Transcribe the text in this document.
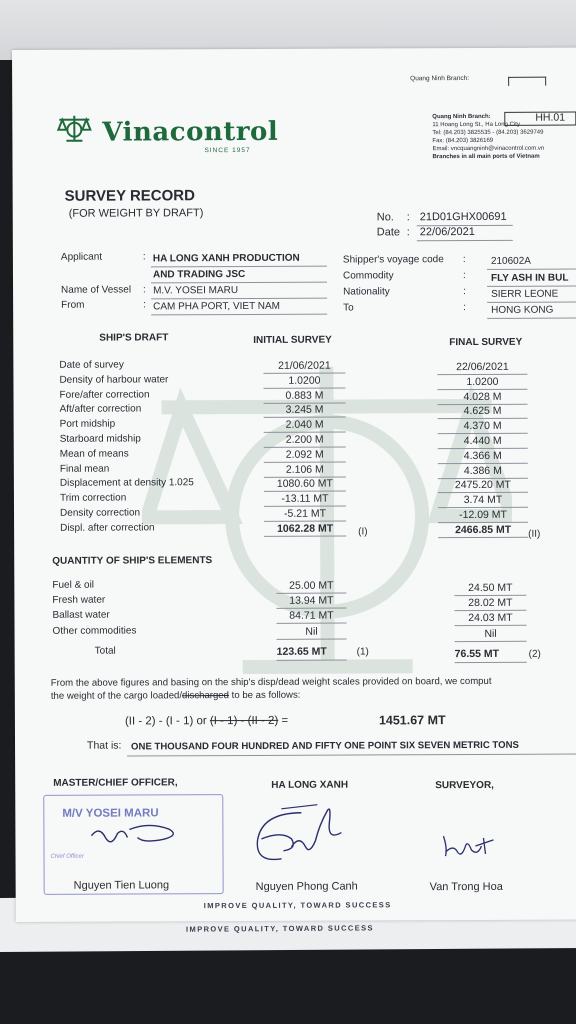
IMPROVE QUALITY, TOWARD SUCCESS
Quang Ninh Branch:
Vinacontrol
SINCE 1957
Quang Ninh Branch:	HH.01
11 Hoang Long St., Ha Long City
Tel: (84.203) 3825535 - (84.203) 3629749
Fax: (84.203) 3826169
Email: vncquangninh@vinacontrol.com.vn
Branches in all main ports of Vietnam
SURVEY RECORD
(FOR WEIGHT BY DRAFT)	No. : 21D01GHX00691
Date : 22/06/2021
Applicant	: HA LONG XANH PRODUCTION
AND TRADING JSC
Name of Vessel : M.V. YOSEI MARU
From	: CAM PHA PORT, VIET NAM
Shipper's voyage code :	210602A
Commodity	:	FLY ASH IN BUL
Nationality	:	SIERR LEONE
To	:	HONG KONG
SHIP'S DRAFT	INITIAL SURVEY	FINAL SURVEY
Date of survey	21/06/2021	22/06/2021
Density of harbour water	1.0200	1.0200
Fore/after correction	0.883 M	4.028 M
Aft/after correction	3.245 M	4.625 M
Port midship	2.040 M	4.370 M
Starboard midship	2.200 M	4.440 M
Mean of means	2.092 M	4.366 M
Final mean	2.106 M	4.386 M
Displacement at density 1.025	1080.60 MT	2475.20 MT
Trim correction	-13.11 MT	3.74 MT
Density correction	-5.21 MT	-12.09 MT
Displ. after correction	1062.28 MT	2466.85 MT
(I)	(II)
QUANTITY OF SHIP'S ELEMENTS
Fuel & oil	25.00 MT	24.50 MT
Fresh water	13.94 MT	28.02 MT
Ballast water	84.71 MT	24.03 MT
Other commodities	Nil	Nil
Total	123.65 MT	(1)	76.55 MT	(2)
From the above figures and basing on the ship's disp/dead weight scales provided on board, we comput
the weight of the cargo loaded/discharged to be as follows:
(II - 2) - (I - 1) or (I - 1) - (II - 2) =	1451.67 MT
That is: ONE THOUSAND FOUR HUNDRED AND FIFTY ONE POINT SIX SEVEN METRIC TONS
MASTER/CHIEF OFFICER,	HA LONG XANH	SURVEYOR,
M/V YOSEI MARU
Chief Officer
Nguyen Tien Luong	Nguyen Phong Canh	Van Trong Hoa
IMPROVE QUALITY, TOWARD SUCCESS
